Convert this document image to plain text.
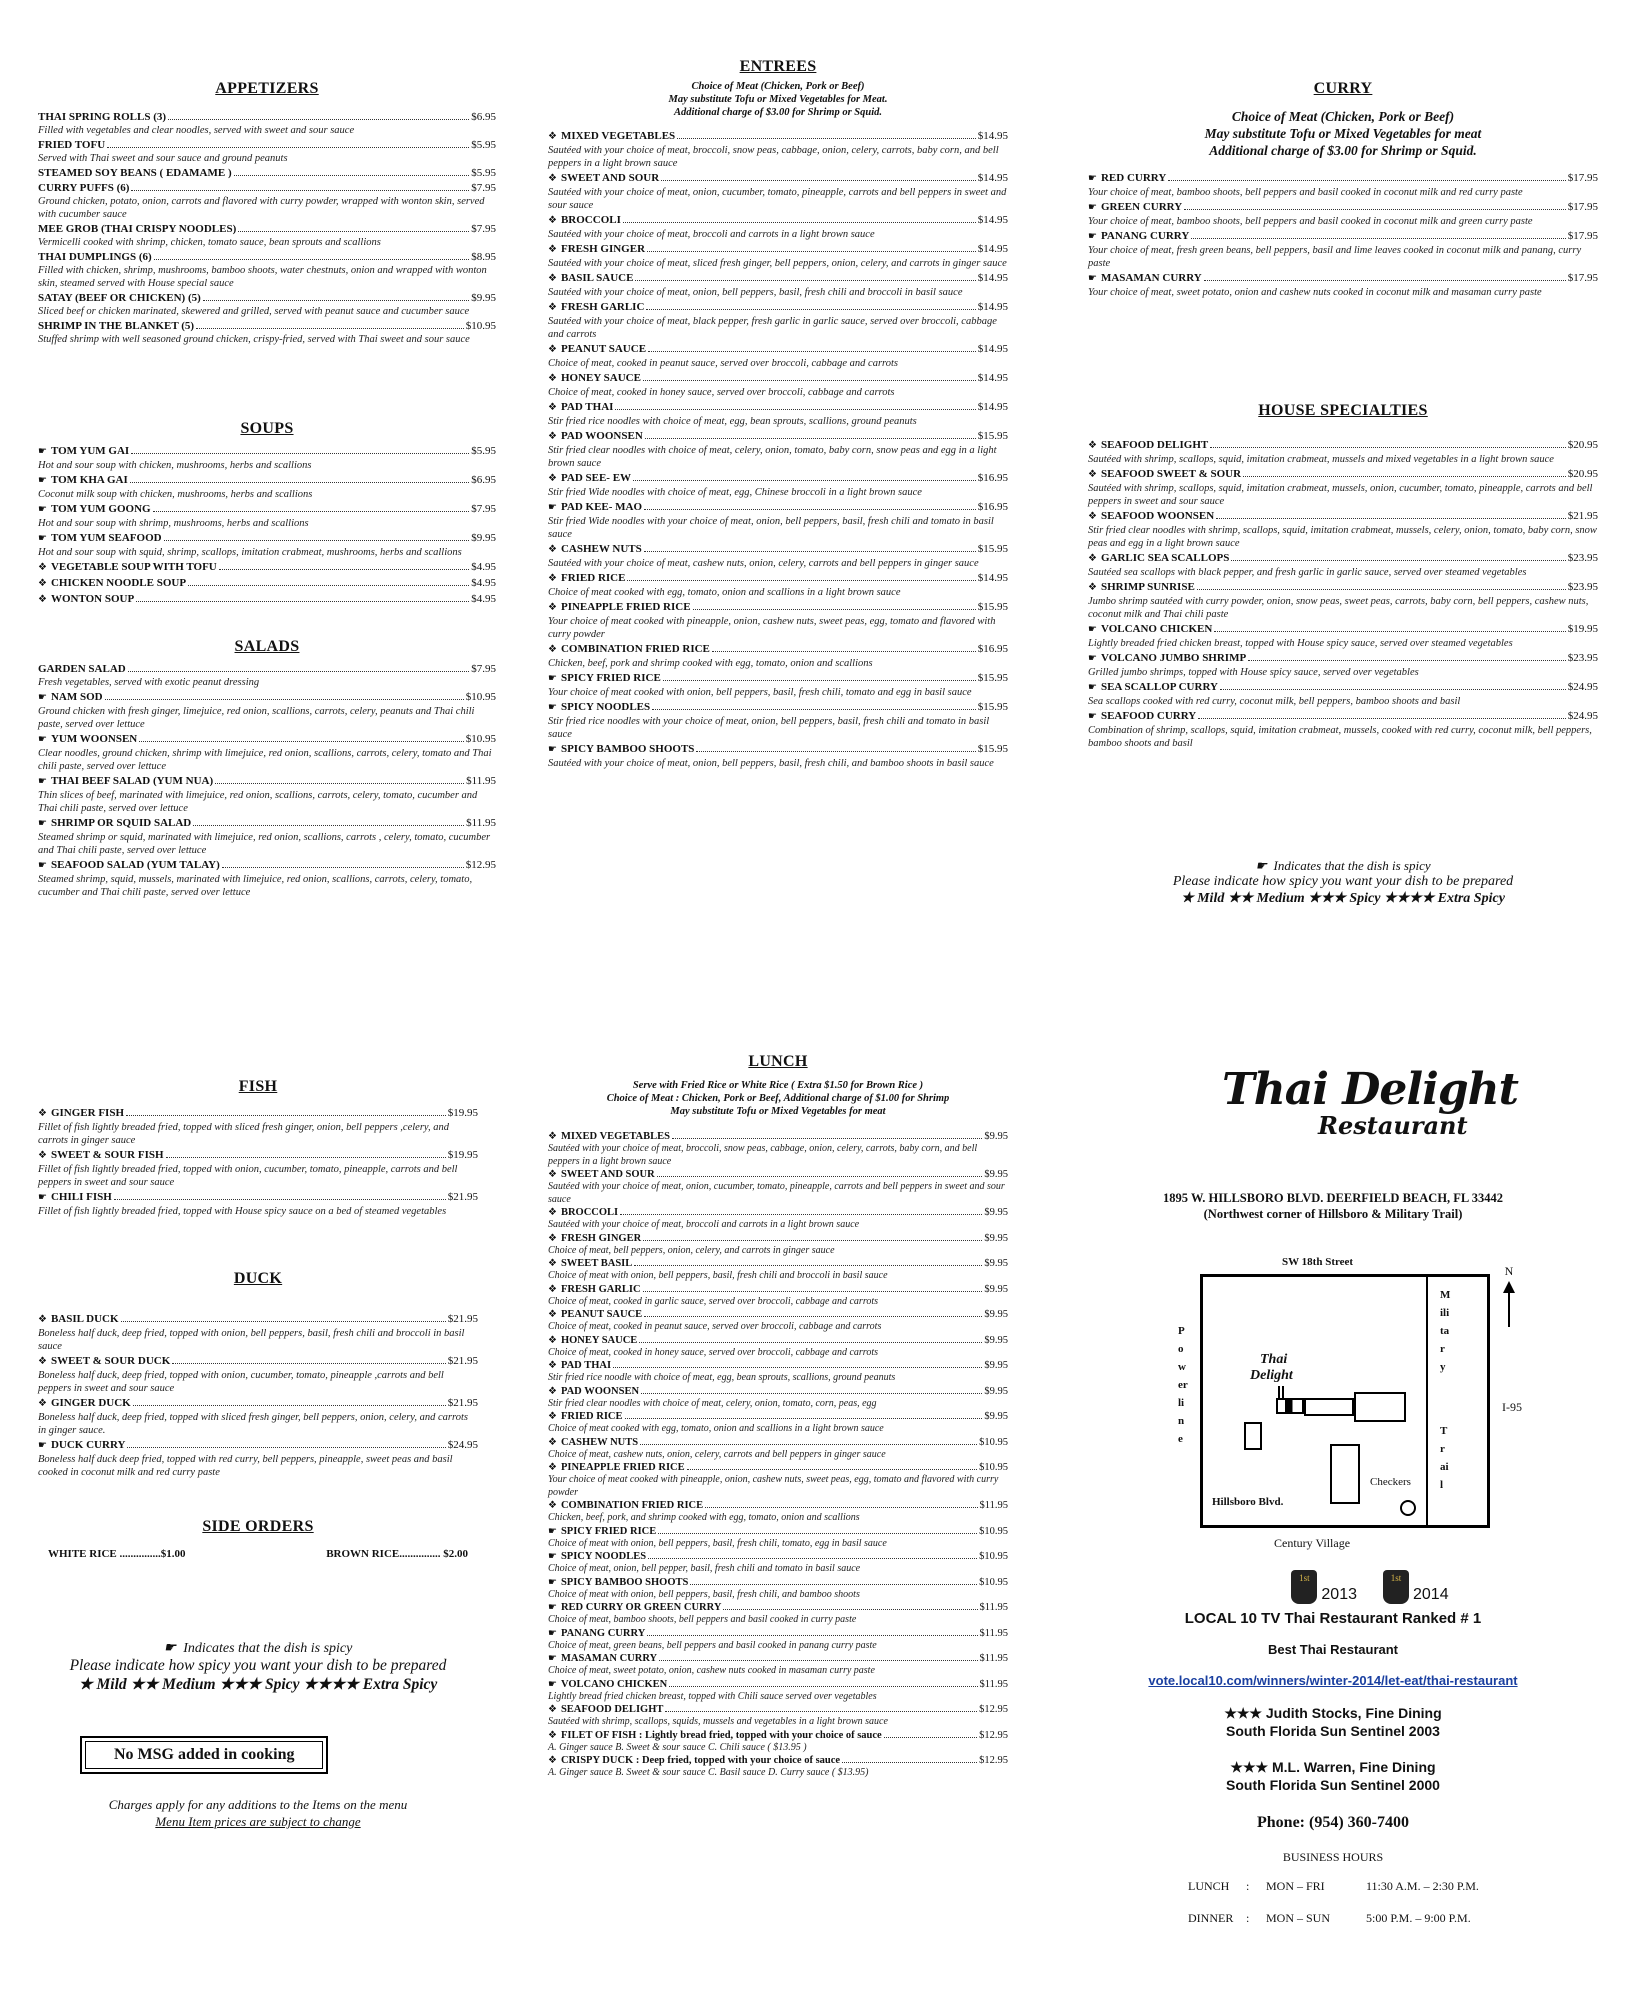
APPETIZERS
THAI SPRING ROLLS (3)	$6.95
Filled with vegetables and clear noodles, served with sweet and sour sauce
FRIED TOFU	$5.95
Served with Thai sweet and sour sauce and ground peanuts
STEAMED SOY BEANS ( EDAMAME )	$5.95
CURRY PUFFS (6)	$7.95
Ground chicken, potato, onion, carrots and flavored with curry powder, wrapped with wonton skin, served with cucumber sauce
MEE GROB (THAI CRISPY NOODLES)	$7.95
Vermicelli cooked with shrimp, chicken, tomato sauce, bean sprouts and scallions
THAI DUMPLINGS (6)	$8.95
Filled with chicken, shrimp, mushrooms, bamboo shoots, water chestnuts, onion and wrapped with wonton skin, steamed served with House special sauce
SATAY (BEEF OR CHICKEN) (5)	$9.95
Sliced beef or chicken marinated, skewered and grilled, served with peanut sauce and cucumber sauce
SHRIMP IN THE BLANKET (5)	$10.95
Stuffed shrimp with well seasoned ground chicken, crispy-fried, served with Thai sweet and sour sauce
SOUPS
☛ TOM YUM GAI	$5.95
Hot and sour soup with chicken, mushrooms, herbs and scallions
☛ TOM KHA GAI	$6.95
Coconut milk soup with chicken, mushrooms, herbs and scallions
☛ TOM YUM GOONG	$7.95
Hot and sour soup with shrimp, mushrooms, herbs and scallions
☛ TOM YUM SEAFOOD	$9.95
Hot and sour soup with squid, shrimp, scallops, imitation crabmeat, mushrooms, herbs and scallions
❖ VEGETABLE SOUP WITH TOFU	$4.95
❖ CHICKEN NOODLE SOUP	$4.95
❖ WONTON SOUP	$4.95
SALADS
GARDEN SALAD	$7.95
Fresh vegetables, served with exotic peanut dressing
☛ NAM SOD	$10.95
Ground chicken with fresh ginger, limejuice, red onion, scallions, carrots, celery, peanuts and Thai chili paste, served over lettuce
☛ YUM WOONSEN	$10.95
Clear noodles, ground chicken, shrimp with limejuice, red onion, scallions, carrots, celery, tomato and Thai chili paste, served over lettuce
☛ THAI BEEF SALAD (YUM NUA)	$11.95
Thin slices of beef, marinated with limejuice, red onion, scallions, carrots, celery, tomato, cucumber and Thai chili paste, served over lettuce
☛ SHRIMP OR SQUID SALAD	$11.95
Steamed shrimp or squid, marinated with limejuice, red onion, scallions, carrots , celery, tomato, cucumber and Thai chili paste, served over lettuce
☛ SEAFOOD SALAD (YUM TALAY)	$12.95
Steamed shrimp, squid, mussels, marinated with limejuice, red onion, scallions, carrots, celery, tomato, cucumber and Thai chili paste, served over lettuce
ENTREES
Choice of Meat (Chicken, Pork or Beef)
May substitute Tofu or Mixed Vegetables for Meat.
Additional charge of $3.00 for Shrimp or Squid.
❖ MIXED VEGETABLES	$14.95
Sautéed with your choice of meat, broccoli, snow peas, cabbage, onion, celery, carrots, baby corn, and bell peppers in a light brown sauce
❖ SWEET AND SOUR	$14.95
Sautéed with your choice of meat, onion, cucumber, tomato, pineapple, carrots and bell peppers in sweet and sour sauce
❖ BROCCOLI	$14.95
Sautéed with your choice of meat, broccoli and carrots in a light brown sauce
❖ FRESH GINGER	$14.95
Sautéed with your choice of meat, sliced fresh ginger, bell peppers, onion, celery, and carrots in ginger sauce
❖ BASIL SAUCE	$14.95
Sautéed with your choice of meat, onion, bell peppers, basil, fresh chili and broccoli in basil sauce
❖ FRESH GARLIC	$14.95
Sautéed with your choice of meat, black pepper, fresh garlic in garlic sauce, served over broccoli, cabbage and carrots
❖ PEANUT SAUCE	$14.95
Choice of meat, cooked in peanut sauce, served over broccoli, cabbage and carrots
❖ HONEY SAUCE	$14.95
Choice of meat, cooked in honey sauce, served over broccoli, cabbage and carrots
❖ PAD THAI	$14.95
Stir fried rice noodles with choice of meat, egg, bean sprouts, scallions, ground peanuts
❖ PAD WOONSEN	$15.95
Stir fried clear noodles with choice of meat, celery, onion, tomato, baby corn, snow peas and egg in a light brown sauce
❖ PAD SEE- EW	$16.95
Stir fried Wide noodles with choice of meat, egg, Chinese broccoli in a light brown sauce
☛ PAD KEE- MAO	$16.95
Stir fried Wide noodles with your choice of meat, onion, bell peppers, basil, fresh chili and tomato in basil sauce
❖ CASHEW NUTS	$15.95
Sautéed with your choice of meat, cashew nuts, onion, celery, carrots and bell peppers in ginger sauce
❖ FRIED RICE	$14.95
Choice of meat cooked with egg, tomato, onion and scallions in a light brown sauce
❖ PINEAPPLE FRIED RICE	$15.95
Your choice of meat cooked with pineapple, onion, cashew nuts, sweet peas, egg, tomato and flavored with curry powder
❖ COMBINATION FRIED RICE	$16.95
Chicken, beef, pork and shrimp cooked with egg, tomato, onion and scallions
☛ SPICY FRIED RICE	$15.95
Your choice of meat cooked with onion, bell peppers, basil, fresh chili, tomato and egg in basil sauce
☛ SPICY NOODLES	$15.95
Stir fried rice noodles with your choice of meat, onion, bell peppers, basil, fresh chili and tomato in basil sauce
☛ SPICY BAMBOO SHOOTS	$15.95
Sautéed with your choice of meat, onion, bell peppers, basil, fresh chili, and bamboo shoots in basil sauce
CURRY
Choice of Meat (Chicken, Pork or Beef)
May substitute Tofu or Mixed Vegetables for meat
Additional charge of $3.00 for Shrimp or Squid.
☛ RED CURRY	$17.95
Your choice of meat, bamboo shoots, bell peppers and basil cooked in coconut milk and red curry paste
☛ GREEN CURRY	$17.95
Your choice of meat, bamboo shoots, bell peppers and basil cooked in coconut milk and green curry paste
☛ PANANG CURRY	$17.95
Your choice of meat, fresh green beans, bell peppers, basil and lime leaves cooked in coconut milk and panang, curry paste
☛ MASAMAN CURRY	$17.95
Your choice of meat, sweet potato, onion and cashew nuts cooked in coconut milk and masaman curry paste
HOUSE SPECIALTIES
❖ SEAFOOD DELIGHT	$20.95
Sautéed with shrimp, scallops, squid, imitation crabmeat, mussels and mixed vegetables in a light brown sauce
❖ SEAFOOD SWEET & SOUR	$20.95
Sautéed with shrimp, scallops, squid, imitation crabmeat, mussels, onion, cucumber, tomato, pineapple, carrots and bell peppers in sweet and sour sauce
❖ SEAFOOD WOONSEN	$21.95
Stir fried clear noodles with shrimp, scallops, squid, imitation crabmeat, mussels, celery, onion, tomato, baby corn, snow peas and egg in a light brown sauce
❖ GARLIC SEA SCALLOPS	$23.95
Sautéed sea scallops with black pepper, and fresh garlic in garlic sauce, served over steamed vegetables
❖ SHRIMP SUNRISE	$23.95
Jumbo shrimp sautéed with curry powder, onion, snow peas, sweet peas, carrots, baby corn, bell peppers, cashew nuts, coconut milk and Thai chili paste
☛ VOLCANO CHICKEN	$19.95
Lightly breaded fried chicken breast, topped with House spicy sauce, served over steamed vegetables
☛ VOLCANO JUMBO SHRIMP	$23.95
Grilled jumbo shrimps, topped with House spicy sauce, served over vegetables
☛ SEA SCALLOP CURRY	$24.95
Sea scallops cooked with red curry, coconut milk, bell peppers, bamboo shoots and basil
☛ SEAFOOD CURRY	$24.95
Combination of shrimp, scallops, squid, imitation crabmeat, mussels, cooked with red curry, coconut milk, bell peppers, bamboo shoots and basil
☛ Indicates that the dish is spicy
Please indicate how spicy you want your dish to be prepared
★ Mild ★★ Medium ★★★ Spicy ★★★★ Extra Spicy
FISH
❖ GINGER FISH	$19.95
Fillet of fish lightly breaded fried, topped with sliced fresh ginger, onion, bell peppers ,celery, and carrots in ginger sauce
❖ SWEET & SOUR FISH	$19.95
Fillet of fish lightly breaded fried, topped with onion, cucumber, tomato, pineapple, carrots and bell peppers in sweet and sour sauce
☛ CHILI FISH	$21.95
Fillet of fish lightly breaded fried, topped with House spicy sauce on a bed of steamed vegetables
DUCK
❖ BASIL DUCK	$21.95
Boneless half duck, deep fried, topped with onion, bell peppers, basil, fresh chili and broccoli in basil sauce
❖ SWEET & SOUR DUCK	$21.95
Boneless half duck, deep fried, topped with onion, cucumber, tomato, pineapple ,carrots and bell peppers in sweet and sour sauce
❖ GINGER DUCK	$21.95
Boneless half duck, deep fried, topped with sliced fresh ginger, bell peppers, onion, celery, and carrots in ginger sauce.
☛ DUCK CURRY	$24.95
Boneless half duck deep fried, topped with red curry, bell peppers, pineapple, sweet peas and basil cooked in coconut milk and red curry paste
SIDE ORDERS
WHITE RICE ...............$1.00	BROWN RICE............... $2.00
☛ Indicates that the dish is spicy
Please indicate how spicy you want your dish to be prepared
★ Mild ★★ Medium ★★★ Spicy ★★★★ Extra Spicy
No MSG added in cooking
Charges apply for any additions to the Items on the menu
Menu Item prices are subject to change
LUNCH
Serve with Fried Rice or White Rice ( Extra $1.50 for Brown Rice )
Choice of Meat : Chicken, Pork or Beef, Additional charge of $1.00 for Shrimp
May substitute Tofu or Mixed Vegetables for meat
❖ MIXED VEGETABLES	$9.95
Sautéed with your choice of meat, broccoli, snow peas, cabbage, onion, celery, carrots, baby corn, and bell peppers in a light brown sauce
❖ SWEET AND SOUR	$9.95
Sautéed with your choice of meat, onion, cucumber, tomato, pineapple, carrots and bell peppers in sweet and sour sauce
❖ BROCCOLI	$9.95
Sautéed with your choice of meat, broccoli and carrots in a light brown sauce
❖ FRESH GINGER	$9.95
Choice of meat, bell peppers, onion, celery, and carrots in ginger sauce
❖ SWEET BASIL	$9.95
Choice of meat with onion, bell peppers, basil, fresh chili and broccoli in basil sauce
❖ FRESH GARLIC	$9.95
Choice of meat, cooked in garlic sauce, served over broccoli, cabbage and carrots
❖ PEANUT SAUCE	$9.95
Choice of meat, cooked in peanut sauce, served over broccoli, cabbage and carrots
❖ HONEY SAUCE	$9.95
Choice of meat, cooked in honey sauce, served over broccoli, cabbage and carrots
❖ PAD THAI	$9.95
Stir fried rice noodle with choice of meat, egg, bean sprouts, scallions, ground peanuts
❖ PAD WOONSEN	$9.95
Stir fried clear noodles with choice of meat, celery, onion, tomato, corn, peas, egg
❖ FRIED RICE	$9.95
Choice of meat cooked with egg, tomato, onion and scallions in a light brown sauce
❖ CASHEW NUTS	$10.95
Choice of meat, cashew nuts, onion, celery, carrots and bell peppers in ginger sauce
❖ PINEAPPLE FRIED RICE	$10.95
Your choice of meat cooked with pineapple, onion, cashew nuts, sweet peas, egg, tomato and flavored with curry powder
❖ COMBINATION FRIED RICE	$11.95
Chicken, beef, pork, and shrimp cooked with egg, tomato, onion and scallions
☛ SPICY FRIED RICE	$10.95
Choice of meat with onion, bell peppers, basil, fresh chili, tomato, egg in basil sauce
☛ SPICY NOODLES	$10.95
Choice of meat, onion, bell pepper, basil, fresh chili and tomato in basil sauce
☛ SPICY BAMBOO SHOOTS	$10.95
Choice of meat with onion, bell peppers, basil, fresh chili, and bamboo shoots
☛ RED CURRY OR GREEN CURRY	$11.95
Choice of meat, bamboo shoots, bell peppers and basil cooked in curry paste
☛ PANANG CURRY	$11.95
Choice of meat, green beans, bell peppers and basil cooked in panang curry paste
☛ MASAMAN CURRY	$11.95
Choice of meat, sweet potato, onion, cashew nuts cooked in masaman curry paste
☛ VOLCANO CHICKEN	$11.95
Lightly bread fried chicken breast, topped with Chili sauce served over vegetables
❖ SEAFOOD DELIGHT	$12.95
Sautéed with shrimp, scallops, squids, mussels and vegetables in a light brown sauce
❖ FILET OF FISH : Lightly bread fried, topped with your choice of sauce	$12.95
A. Ginger sauce B. Sweet & sour sauce C. Chili sauce ( $13.95 )
❖ CRISPY DUCK : Deep fried, topped with your choice of sauce	$12.95
A. Ginger sauce B. Sweet & sour sauce C. Basil sauce D. Curry sauce ( $13.95)
Thai Delight
Restaurant
1895 W. HILLSBORO BLVD. DEERFIELD BEACH, FL 33442
(Northwest corner of Hillsboro & Military Trail)
SW 18th Street
Military
Trail
Powerline
I-95
N
Thai
Delight
Checkers
Hillsboro Blvd.
Century Village
1st
2013
1st
2014
LOCAL 10 TV Thai Restaurant Ranked # 1
Best Thai Restaurant
vote.local10.com/winners/winter-2014/let-eat/thai-restaurant
★★★ Judith Stocks, Fine Dining
South Florida Sun Sentinel 2003
★★★ M.L. Warren, Fine Dining
South Florida Sun Sentinel 2000
Phone: (954) 360-7400
BUSINESS HOURS
LUNCH	:	MON – FRI	11:30 A.M. – 2:30 P.M.
DINNER	:	MON – SUN	5:00 P.M. – 9:00 P.M.
